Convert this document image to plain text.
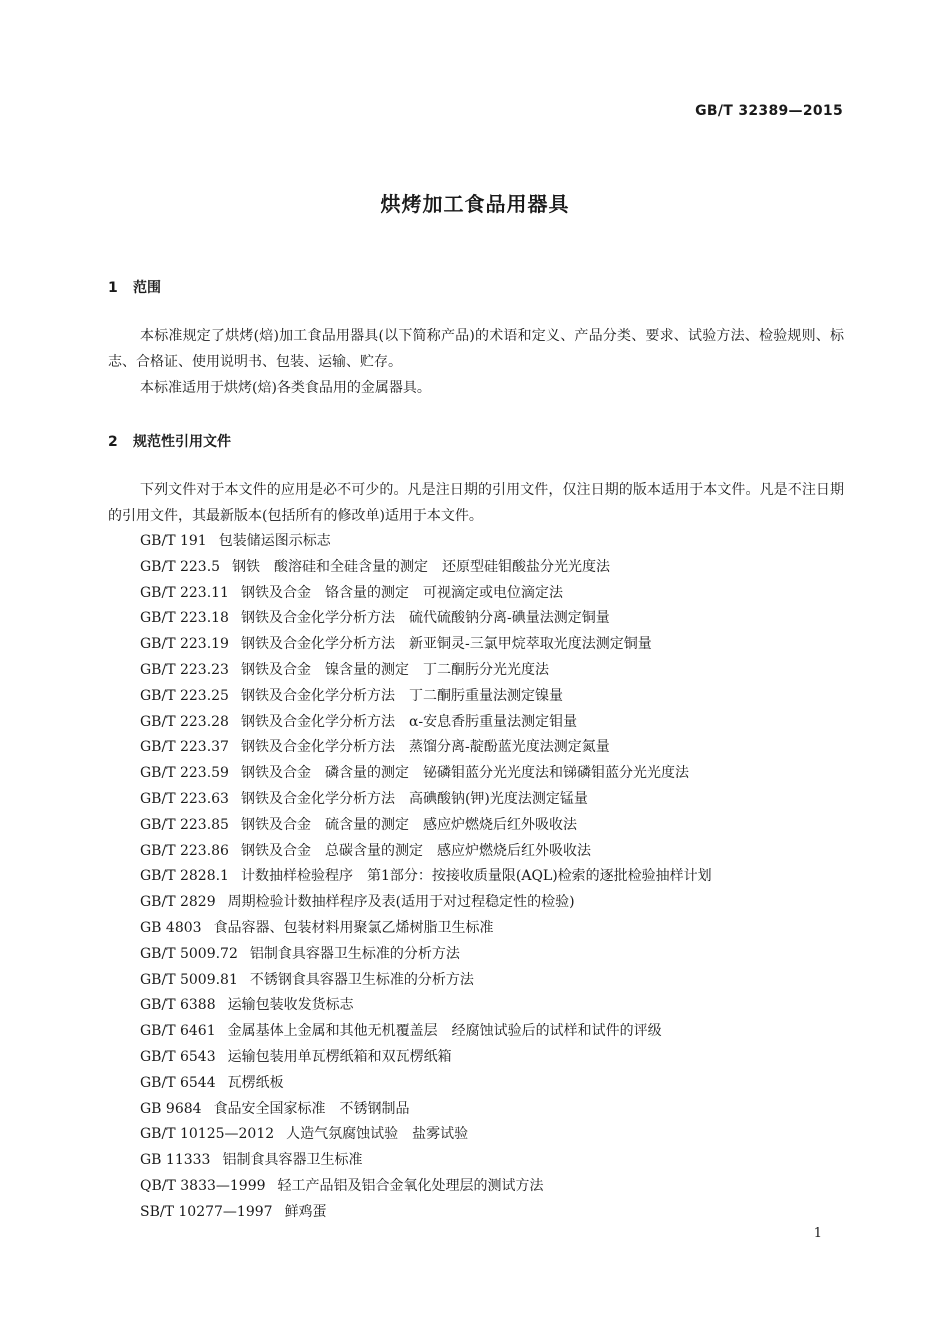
GB/T 32389—2015
烘烤加工食品用器具
1 范围

本标准规定了烘烤(焙)加工食品用器具(以下简称产品)的术语和定义、产品分类、要求、试验方法、检验规则、标志、合格证、使用说明书、包装、运输、贮存。

本标准适用于烘烤(焙)各类食品用的金属器具。

2 规范性引用文件

下列文件对于本文件的应用是必不可少的。凡是注日期的引用文件，仅注日期的版本适用于本文件。凡是不注日期的引用文件，其最新版本(包括所有的修改单)适用于本文件。

GB/T 191 包装储运图示标志
GB/T 223.5 钢铁　酸溶硅和全硅含量的测定　还原型硅钼酸盐分光光度法
GB/T 223.11 钢铁及合金　铬含量的测定　可视滴定或电位滴定法
GB/T 223.18 钢铁及合金化学分析方法　硫代硫酸钠分离-碘量法测定铜量
GB/T 223.19 钢铁及合金化学分析方法　新亚铜灵-三氯甲烷萃取光度法测定铜量
GB/T 223.23 钢铁及合金　镍含量的测定　丁二酮肟分光光度法
GB/T 223.25 钢铁及合金化学分析方法　丁二酮肟重量法测定镍量
GB/T 223.28 钢铁及合金化学分析方法　α-安息香肟重量法测定钼量
GB/T 223.37 钢铁及合金化学分析方法　蒸馏分离-靛酚蓝光度法测定氮量
GB/T 223.59 钢铁及合金　磷含量的测定　铋磷钼蓝分光光度法和锑磷钼蓝分光光度法
GB/T 223.63 钢铁及合金化学分析方法　高碘酸钠(钾)光度法测定锰量
GB/T 223.85 钢铁及合金　硫含量的测定　感应炉燃烧后红外吸收法
GB/T 223.86 钢铁及合金　总碳含量的测定　感应炉燃烧后红外吸收法
GB/T 2828.1 计数抽样检验程序　第1部分：按接收质量限(AQL)检索的逐批检验抽样计划
GB/T 2829 周期检验计数抽样程序及表(适用于对过程稳定性的检验)
GB 4803 食品容器、包装材料用聚氯乙烯树脂卫生标准
GB/T 5009.72 铝制食具容器卫生标准的分析方法
GB/T 5009.81 不锈钢食具容器卫生标准的分析方法
GB/T 6388 运输包装收发货标志
GB/T 6461 金属基体上金属和其他无机覆盖层　经腐蚀试验后的试样和试件的评级
GB/T 6543 运输包装用单瓦楞纸箱和双瓦楞纸箱
GB/T 6544 瓦楞纸板
GB 9684 食品安全国家标准　不锈钢制品
GB/T 10125—2012 人造气氛腐蚀试验　盐雾试验
GB 11333 铝制食具容器卫生标准
QB/T 3833—1999 轻工产品铝及铝合金氧化处理层的测试方法
SB/T 10277—1997 鲜鸡蛋
1
